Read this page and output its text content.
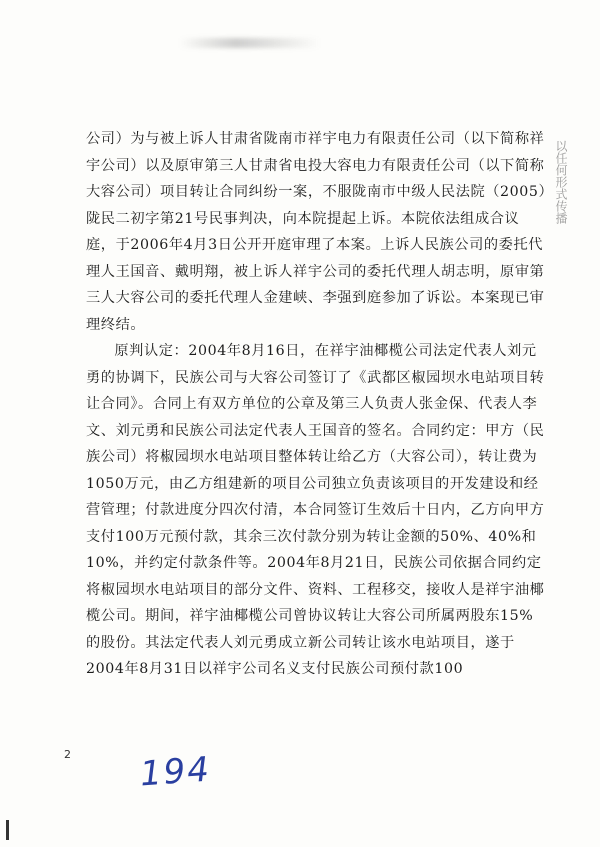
公司）为与被上诉人甘肃省陇南市祥宇电力有限责任公司（以下简称祥宇公司）以及原审第三人甘肃省电投大容电力有限责任公司（以下简称大容公司）项目转让合同纠纷一案，不服陇南市中级人民法院（2005）陇民二初字第21号民事判决，向本院提起上诉。本院依法组成合议庭，于2006年4月3日公开开庭审理了本案。上诉人民族公司的委托代理人王国音、戴明翔，被上诉人祥宇公司的委托代理人胡志明，原审第三人大容公司的委托代理人金建峡、李强到庭参加了诉讼。本案现已审理终结。

原判认定：2004年8月16日，在祥宇油椰榄公司法定代表人刘元勇的协调下，民族公司与大容公司签订了《武都区椒园坝水电站项目转让合同》。合同上有双方单位的公章及第三人负责人张金保、代表人李文、刘元勇和民族公司法定代表人王国音的签名。合同约定：甲方（民族公司）将椒园坝水电站项目整体转让给乙方（大容公司），转让费为1050万元，由乙方组建新的项目公司独立负责该项目的开发建设和经营管理；付款进度分四次付清，本合同签订生效后十日内，乙方向甲方支付100万元预付款，其余三次付款分别为转让金额的50%、40%和10%，并约定付款条件等。2004年8月21日，民族公司依据合同约定将椒园坝水电站项目的部分文件、资料、工程移交，接收人是祥宇油椰榄公司。期间，祥宇油椰榄公司曾协议转让大容公司所属两股东15%的股份。其法定代表人刘元勇成立新公司转让该水电站项目，遂于2004年8月31日以祥宇公司名义支付民族公司预付款100

以任何形式传播
2 194
